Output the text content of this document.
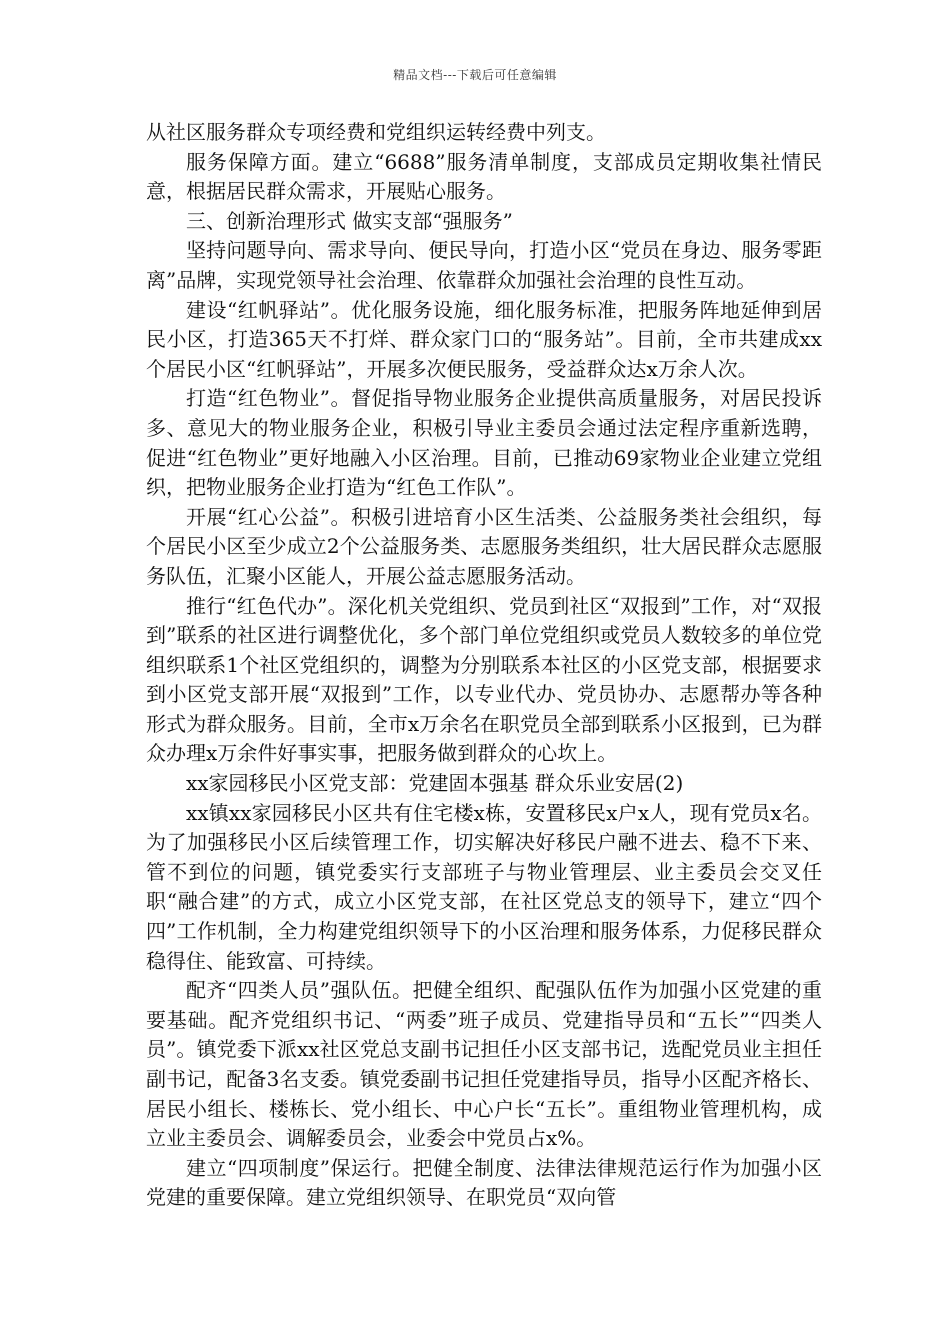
精品文档---下载后可任意编辑

从社区服务群众专项经费和党组织运转经费中列支。

服务保障方面。建立“6688”服务清单制度，支部成员定期收集社情民意，根据居民群众需求，开展贴心服务。

三、创新治理形式 做实支部“强服务”

坚持问题导向、需求导向、便民导向，打造小区“党员在身边、服务零距离”品牌，实现党领导社会治理、依靠群众加强社会治理的良性互动。

建设“红帆驿站”。优化服务设施，细化服务标准，把服务阵地延伸到居民小区，打造365天不打烊、群众家门口的“服务站”。目前，全市共建成xx个居民小区“红帆驿站”，开展多次便民服务，受益群众达x万余人次。

打造“红色物业”。督促指导物业服务企业提供高质量服务，对居民投诉多、意见大的物业服务企业，积极引导业主委员会通过法定程序重新选聘，促进“红色物业”更好地融入小区治理。目前，已推动69家物业企业建立党组织，把物业服务企业打造为“红色工作队”。

开展“红心公益”。积极引进培育小区生活类、公益服务类社会组织，每个居民小区至少成立2个公益服务类、志愿服务类组织，壮大居民群众志愿服务队伍，汇聚小区能人，开展公益志愿服务活动。

推行“红色代办”。深化机关党组织、党员到社区“双报到”工作，对“双报到”联系的社区进行调整优化，多个部门单位党组织或党员人数较多的单位党组织联系1个社区党组织的，调整为分别联系本社区的小区党支部，根据要求到小区党支部开展“双报到”工作，以专业代办、党员协办、志愿帮办等各种形式为群众服务。目前，全市x万余名在职党员全部到联系小区报到，已为群众办理x万余件好事实事，把服务做到群众的心坎上。

xx家园移民小区党支部：党建固本强基 群众乐业安居(2)

xx镇xx家园移民小区共有住宅楼x栋，安置移民x户x人，现有党员x名。为了加强移民小区后续管理工作，切实解决好移民户融不进去、稳不下来、管不到位的问题，镇党委实行支部班子与物业管理层、业主委员会交叉任职“融合建”的方式，成立小区党支部，在社区党总支的领导下，建立“四个四”工作机制，全力构建党组织领导下的小区治理和服务体系，力促移民群众稳得住、能致富、可持续。

配齐“四类人员”强队伍。把健全组织、配强队伍作为加强小区党建的重要基础。配齐党组织书记、“两委”班子成员、党建指导员和“五长”“四类人员”。镇党委下派xx社区党总支副书记担任小区支部书记，选配党员业主担任副书记，配备3名支委。镇党委副书记担任党建指导员，指导小区配齐格长、居民小组长、楼栋长、党小组长、中心户长“五长”。重组物业管理机构，成立业主委员会、调解委员会，业委会中党员占x%。

建立“四项制度”保运行。把健全制度、法律法律规范运行作为加强小区党建的重要保障。建立党组织领导、在职党员“双向管
